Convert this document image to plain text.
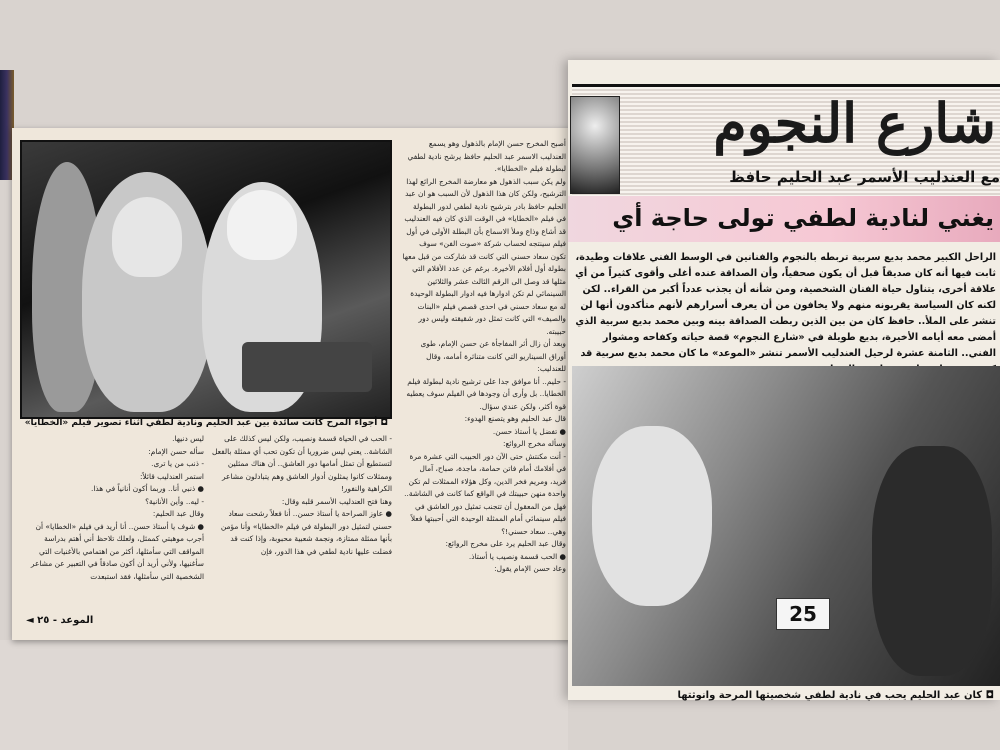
◘ أجواء المرح كانت سائدة بين عبد الحليم ونادية لطفي اثناء تصوير فيلم «الخطايا»
أصبح المخرج حسن الإمام بالذهول وهو يسمع العندليب الاسمر عبد الحليم حافظ يرشح نادية لطفي لبطولة فيلم «الخطايا».
ولم يكن سبب الذهول هو معارضة المخرج الرائع لهذا الترشيح، ولكن كان هذا الذهول لأن السبب هو ان عبد الحليم حافظ بادر بترشيح نادية لطفي لدور البطولة في فيلم «الخطايا» في الوقت الذي كان فيه العندليب قد أشاع وذاع وملأ الاسماع بأن البطلة الأولى في أول فيلم سينتجه لحساب شركة «صوت الفن» سوف تكون سعاد حسني التي كانت قد شاركت من قبل معها بطولة أول أفلام الأخيرة. برغم عن عدد الأفلام التي مثلها قد وصل الى الرقم الثالث عشر والثلاثين السينمائي لم تكن ادوارها فيه ادوار البطولة الوحيدة له مع سعاد حسني في احدى قصص فيلم «البنات والصيف» التي كانت تمثل دور شقيقته وليس دور حبيبته.
وبعد أن زال أثر المفاجأة عن حسن الإمام، طوى أوراق السيناريو التي كانت متناثرة أمامه، وقال للعندليب:
- حليم.. أنا موافق جدا على ترشيح نادية لبطولة فيلم الخطايا.. بل وأرى أن وجودها في الفيلم سوف يعطيه قوة أكثر، ولكن عندي سؤال.
قال عبد الحليم وهو يتصنع الهدوء:
● تفضل يا أستاذ حسن.
وسأله مخرج الروائع:
- أنت مكنتش حتى الآن دور الحبيب التي عشرة مرة في أفلامك أمام فاتن حمامة، ماجدة، صباح، آمال فريد، ومريم فخر الدين، وكل هؤلاء الممثلات لم تكن واحدة منهن حبيبتك في الواقع كما كانت في الشاشة.. فهل من المعقول أن تتجنب تمثيل دور العاشق في فيلم سينمائي أمام الممثلة الوحيدة التي أحببتها فعلاً وهي.. سعاد حسني!؟
وقال عبد الحليم يرد على مخرج الروائع:
● الحب قسمة ونصيب يا أستاذ.
وعاد حسن الإمام يقول:
- الحب في الحياة قسمة ونصيب، ولكن ليس كذلك على الشاشة.. يعني ليس ضروريا أن تكون تحب أي ممثلة بالفعل لتستطيع أن تمثل أمامها دور العاشق.. أن هناك ممثلين وممثلات كانوا يمثلون أدوار العاشق وهم يتبادلون مشاعر الكراهية والنفور!
وهنا فتح العندليب الأسمر قلبه وقال:
● عاوز الصراحة يا أستاذ حسن.. أنا فعلاً رشحت سعاد حسني لتمثيل دور البطولة في فيلم «الخطايا» وأنا مؤمن بأنها ممثلة ممتازة، ونجمة شعبية محبوبة، وإذا كنت قد فضلت عليها نادية لطفي في هذا الدور، فإن
ليس دنيها.
سأله حسن الإمام:
- ذنب من يا ترى.
استمر العندليب قائلاً:
● ذنبي أنا.. وربما أكون أنانياً في هذا.
- ليه.. وأين الأنانية؟
وقال عبد الحليم:
● شوف يا أستاذ حسن.. أنا أريد في فيلم «الخطايا» أن أجرب موهبتي كممثل، ولعلك تلاحظ أني أهتم بدراسة المواقف التي سأمثلها، أكثر من اهتمامي بالأغنيات التي سأغنيها، ولأني أريد أن أكون صادقاً في التعبير عن مشاعر الشخصية التي سأمثلها، فقد استبعدت
◄ الموعد - ٢٥
شارع النجوم
مع العندليب الأسمر عبد الحليم حافظ
يغني لنادية لطفي تولى حاجة أي
الراحل الكبير محمد بديع سربية تربطه بالنجوم والفنانين في الوسط الفني علاقات وطيدة، ثابت فيها أنه كان صديقاً قبل أن يكون صحفياً، وأن الصداقة عنده أغلى وأقوى كثيراً من أي علاقة أخرى، يتناول حياة الفنان الشخصية، ومن شأنه أن يجذب عدداً أكبر من القراء.. لكن لكنه كان السياسة يقربونه منهم ولا يخافون من أن يعرف أسرارهم لأنهم متأكدون أنها لن تنشر على الملأ.. حافظ كان من بين الذين ربطت الصداقة بينه وبين محمد بديع سربية الذي أمضى معه أيامه الأخيرة، بديع طويلة في «شارع النجوم» قصة حياته وكفاحه ومشوار الفني.. الثامنة عشرة لرحيل العندليب الأسمر تنشر «الموعد» ما كان محمد بديع سربية قد
25
◘ كان عبد الحليم يحب في نادية لطفي شخصيتها المرحة وانوثتها
